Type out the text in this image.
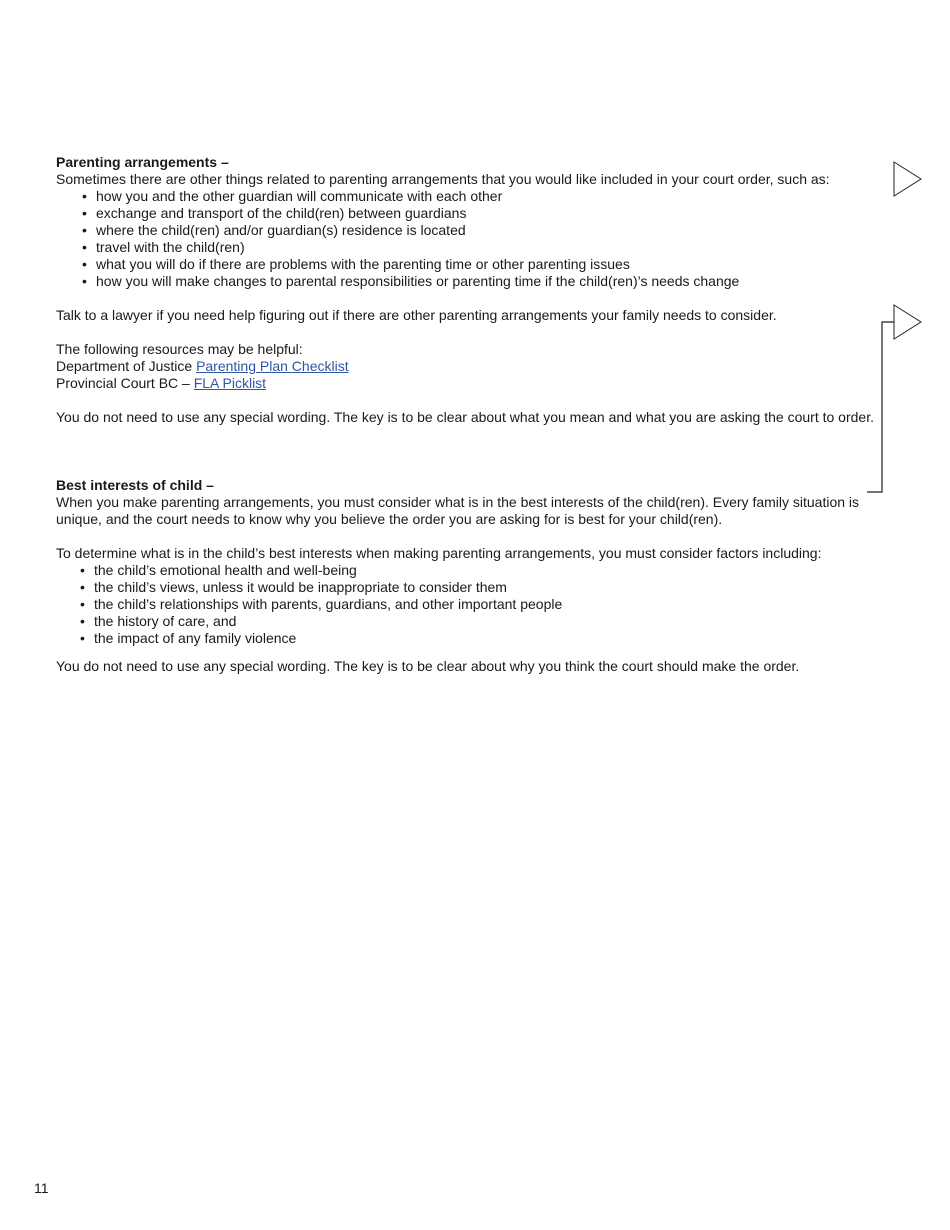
Parenting arrangements –

Sometimes there are other things related to parenting arrangements that you would like included in your court order, such as:

• how you and the other guardian will communicate with each other
• exchange and transport of the child(ren) between guardians
• where the child(ren) and/or guardian(s) residence is located
• travel with the child(ren)
• what you will do if there are problems with the parenting time or other parenting issues
• how you will make changes to parental responsibilities or parenting time if the child(ren)’s needs change

Talk to a lawyer if you need help figuring out if there are other parenting arrangements your family needs to consider.

The following resources may be helpful:

Department of Justice Parenting Plan Checklist

Provincial Court BC – FLA Picklist

You do not need to use any special wording. The key is to be clear about what you mean and what you are asking the court to order.

Best interests of child –

When you make parenting arrangements, you must consider what is in the best interests of the child(ren). Every family situation is unique, and the court needs to know why you believe the order you are asking for is best for your child(ren).

To determine what is in the child’s best interests when making parenting arrangements, you must consider factors including:

• the child’s emotional health and well-being
• the child’s views, unless it would be inappropriate to consider them
• the child’s relationships with parents, guardians, and other important people
• the history of care, and
• the impact of any family violence

You do not need to use any special wording. The key is to be clear about why you think the court should make the order.

11
